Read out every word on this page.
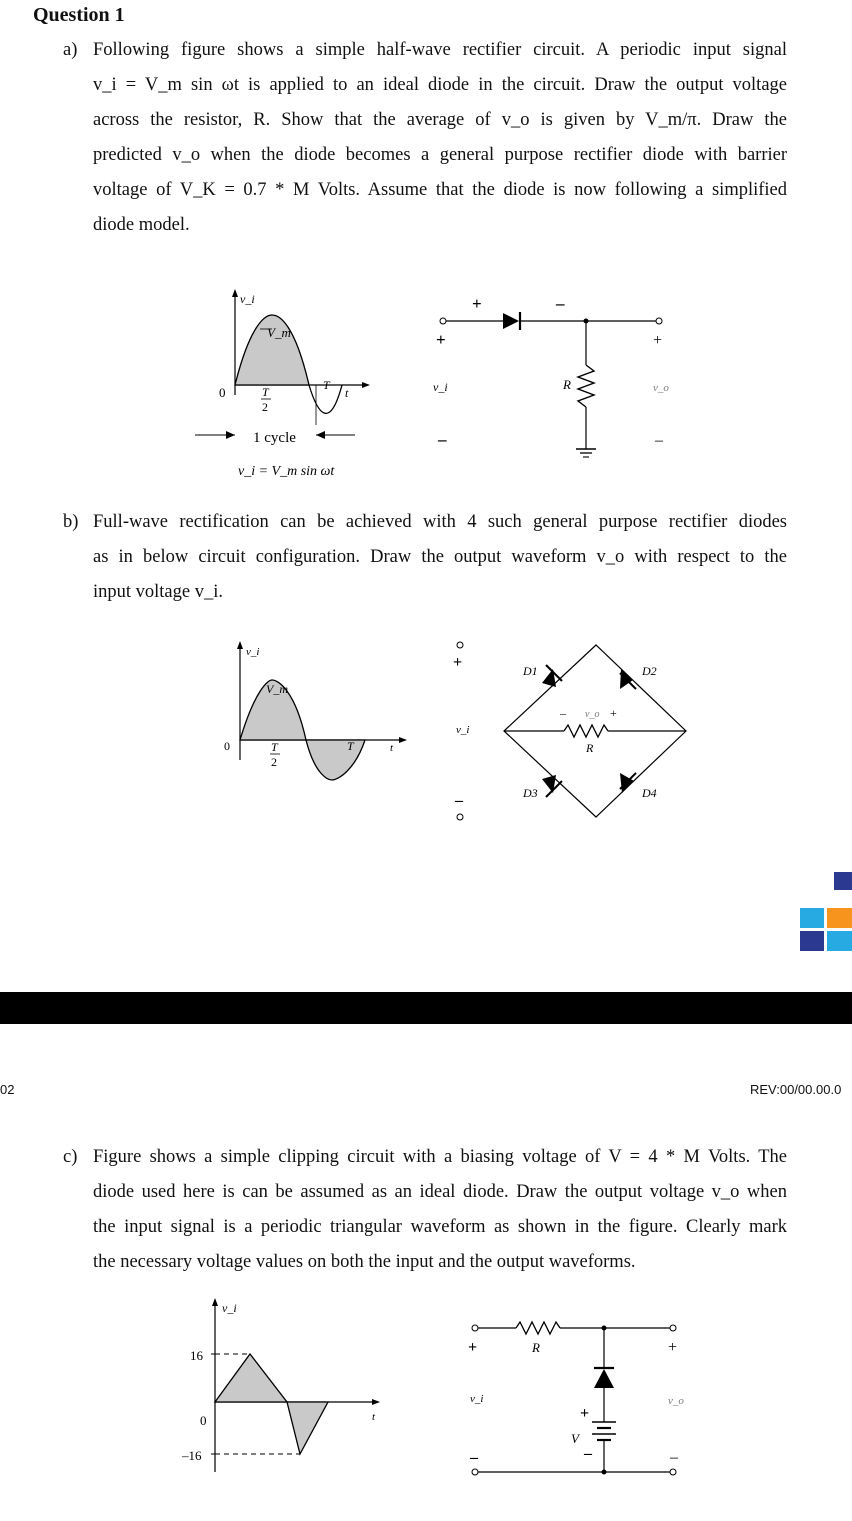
Question 1
a) Following figure shows a simple half-wave rectifier circuit. A periodic input signal
v_i = V_m sin ωt is applied to an ideal diode in the circuit. Draw the output voltage
across the resistor, R. Show that the average of v_o is given by V_m/π. Draw the
predicted v_o when the diode becomes a general purpose rectifier diode with barrier
voltage of V_K = 0.7 * M Volts. Assume that the diode is now following a simplified
diode model.
v_i
V_m
0	T
2
T
t
1 cycle
v_i = V_m sin ωt
+	–
+
v_i
–
R
+
v_o
–
b) Full-wave rectification can be achieved with 4 such general purpose rectifier diodes
as in below circuit configuration. Draw the output waveform v_o with respect to the
input voltage v_i.
v_i
V_m
0	T
2
T	t
+
v_i
–
D1	D2
D3	D4
– v_o +
R
02	REV:00/00.00.0
c) Figure shows a simple clipping circuit with a biasing voltage of V = 4 * M Volts. The
diode used here is can be assumed as an ideal diode. Draw the output voltage v_o when
the input signal is a periodic triangular waveform as shown in the figure. Clearly mark
the necessary voltage values on both the input and the output waveforms.
v_i
16
0
–16
t
+
v_i
–
R
+
V
–
+
v_o
–
